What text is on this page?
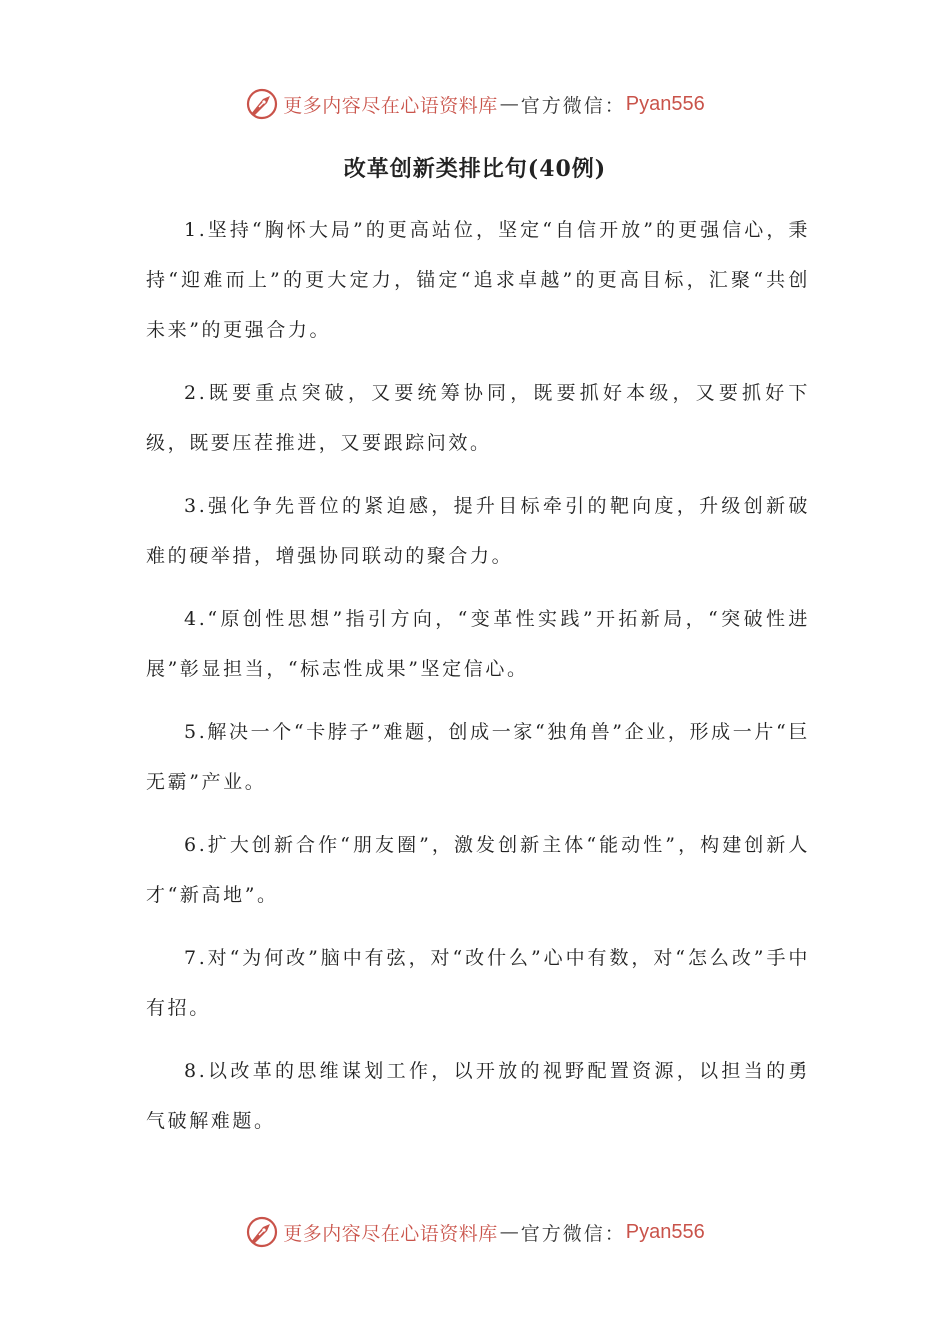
更多内容尽在心语资料库 — 官方微信： Pyan556
改革创新类排比句(40例)

1.坚持“胸怀大局”的更高站位，坚定“自信开放”的更强信心，秉持“迎难而上”的更大定力，锚定“追求卓越”的更高目标，汇聚“共创未来”的更强合力。

2.既要重点突破，又要统筹协同，既要抓好本级，又要抓好下级，既要压茬推进，又要跟踪问效。

3.强化争先晋位的紧迫感，提升目标牵引的靶向度，升级创新破难的硬举措，增强协同联动的聚合力。

4.“原创性思想”指引方向，“变革性实践”开拓新局，“突破性进展”彰显担当，“标志性成果”坚定信心。

5.解决一个“卡脖子”难题，创成一家“独角兽”企业，形成一片“巨无霸”产业。

6.扩大创新合作“朋友圈”，激发创新主体“能动性”，构建创新人才“新高地”。

7.对“为何改”脑中有弦，对“改什么”心中有数，对“怎么改”手中有招。

8.以改革的思维谋划工作，以开放的视野配置资源，以担当的勇气破解难题。

更多内容尽在心语资料库 — 官方微信： Pyan556
